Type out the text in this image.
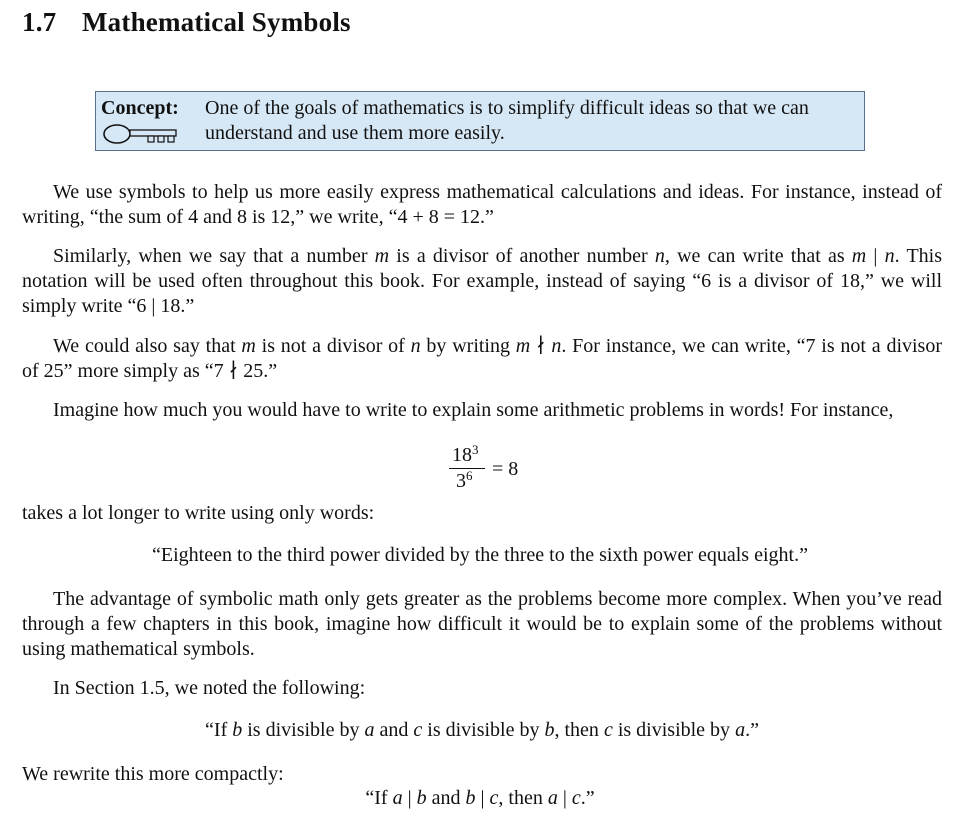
1.7 Mathematical Symbols
Concept: One of the goals of mathematics is to simplify difficult ideas so that we can understand and use them more easily.

We use symbols to help us more easily express mathematical calculations and ideas. For instance, instead of writing, “the sum of 4 and 8 is 12,” we write, “4 + 8 = 12.”

Similarly, when we say that a number m is a divisor of another number n, we can write that as m | n. This notation will be used often throughout this book. For example, instead of saying “6 is a divisor of 18,” we will simply write “6 | 18.”

We could also say that m is not a divisor of n by writing m ∤ n. For instance, we can write, “7 is not a divisor of 25” more simply as “7 ∤ 25.”

Imagine how much you would have to write to explain some arithmetic problems in words! For instance,

$18^3$
$3^6 = 8$

takes a lot longer to write using only words:

“Eighteen to the third power divided by the three to the sixth power equals eight.”

The advantage of symbolic math only gets greater as the problems become more complex. When you’ve read through a few chapters in this book, imagine how difficult it would be to explain some of the problems without using mathematical symbols.

In Section 1.5, we noted the following:

“If b is divisible by a and c is divisible by b, then c is divisible by a.”

We rewrite this more compactly:

“If a | b and b | c, then a | c.”
